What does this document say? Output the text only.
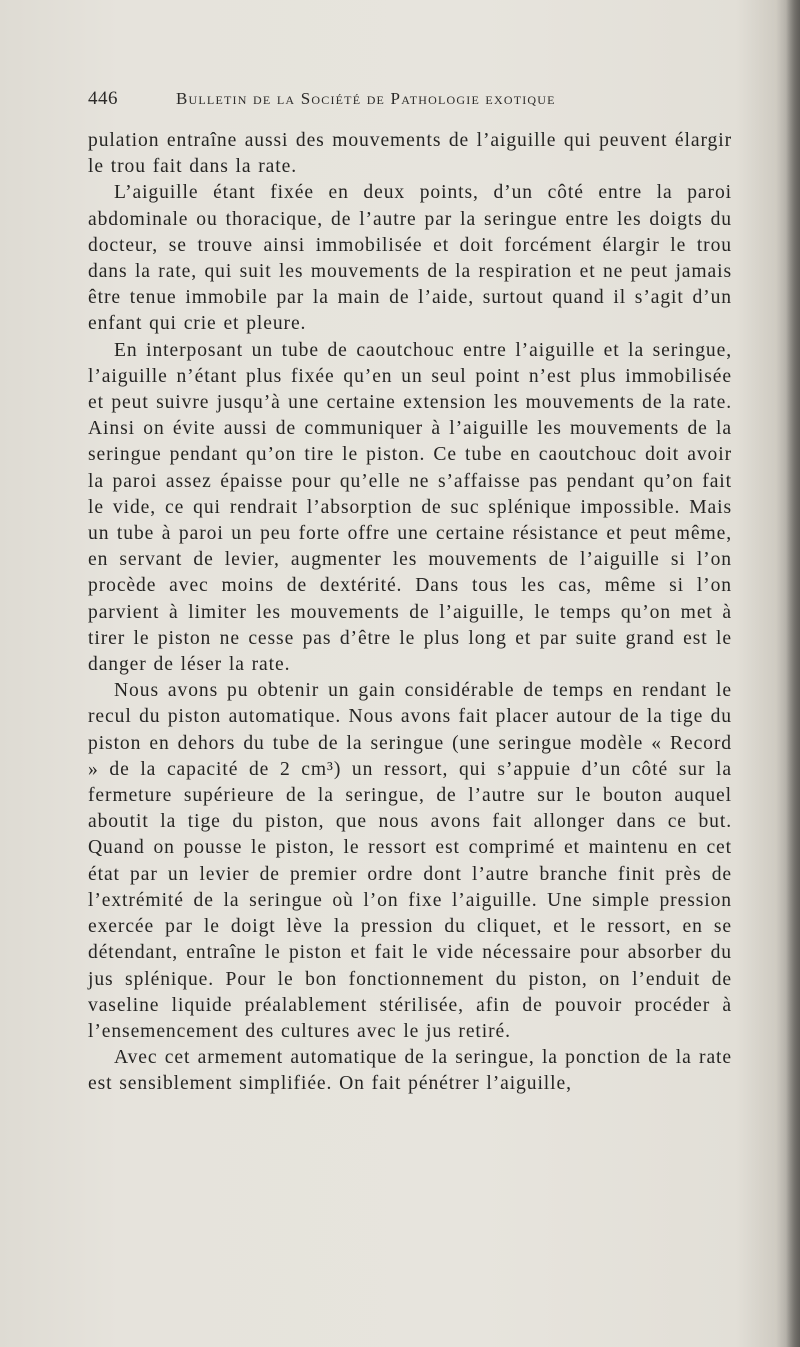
446	Bulletin de la Société de Pathologie exotique

pulation entraîne aussi des mouvements de l’aiguille qui peuvent élargir le trou fait dans la rate.

L’aiguille étant fixée en deux points, d’un côté entre la paroi abdominale ou thoracique, de l’autre par la seringue entre les doigts du docteur, se trouve ainsi immobilisée et doit forcément élargir le trou dans la rate, qui suit les mouvements de la respiration et ne peut jamais être tenue immobile par la main de l’aide, surtout quand il s’agit d’un enfant qui crie et pleure.

En interposant un tube de caoutchouc entre l’aiguille et la seringue, l’aiguille n’étant plus fixée qu’en un seul point n’est plus immobilisée et peut suivre jusqu’à une certaine extension les mouvements de la rate. Ainsi on évite aussi de communiquer à l’aiguille les mouvements de la seringue pendant qu’on tire le piston. Ce tube en caoutchouc doit avoir la paroi assez épaisse pour qu’elle ne s’affaisse pas pendant qu’on fait le vide, ce qui rendrait l’absorption de suc splénique impossible. Mais un tube à paroi un peu forte offre une certaine résistance et peut même, en servant de levier, augmenter les mouvements de l’aiguille si l’on procède avec moins de dextérité. Dans tous les cas, même si l’on parvient à limiter les mouvements de l’aiguille, le temps qu’on met à tirer le piston ne cesse pas d’être le plus long et par suite grand est le danger de léser la rate.

Nous avons pu obtenir un gain considérable de temps en rendant le recul du piston automatique. Nous avons fait placer autour de la tige du piston en dehors du tube de la seringue (une seringue modèle « Record » de la capacité de 2 cm³) un ressort, qui s’appuie d’un côté sur la fermeture supérieure de la seringue, de l’autre sur le bouton auquel aboutit la tige du piston, que nous avons fait allonger dans ce but. Quand on pousse le piston, le ressort est comprimé et maintenu en cet état par un levier de premier ordre dont l’autre branche finit près de l’extrémité de la seringue où l’on fixe l’aiguille. Une simple pression exercée par le doigt lève la pression du cliquet, et le ressort, en se détendant, entraîne le piston et fait le vide nécessaire pour absorber du jus splénique. Pour le bon fonctionnement du piston, on l’enduit de vaseline liquide préalablement stérilisée, afin de pouvoir procéder à l’ensemencement des cultures avec le jus retiré.

Avec cet armement automatique de la seringue, la ponction de la rate est sensiblement simplifiée. On fait pénétrer l’aiguille,
